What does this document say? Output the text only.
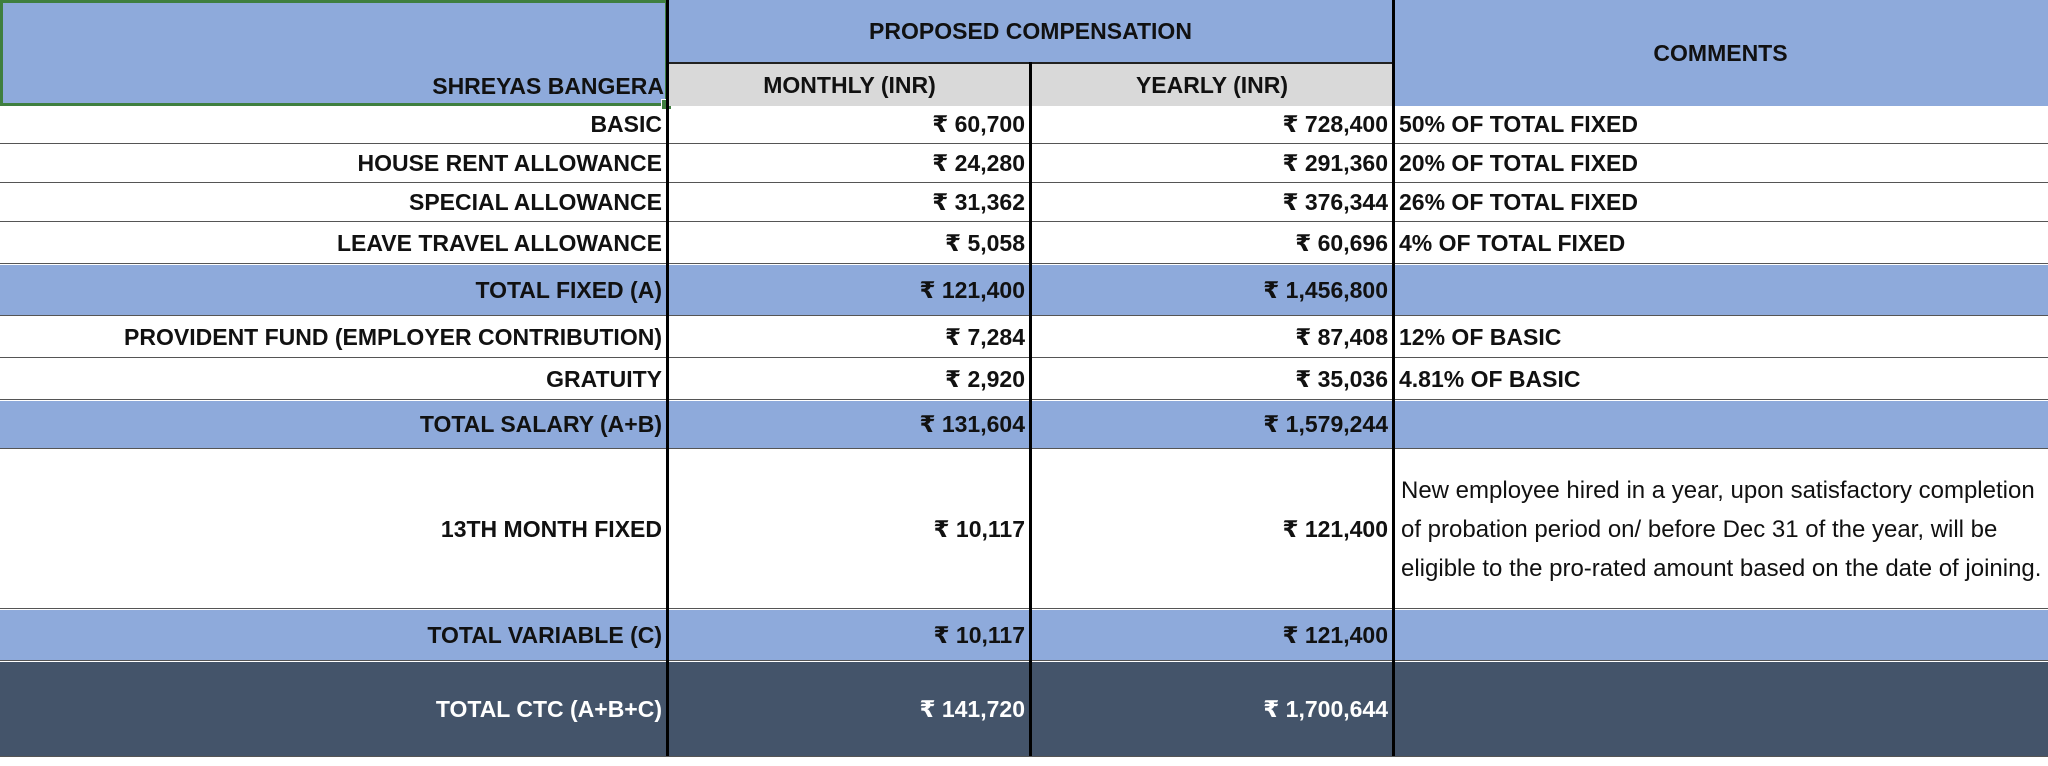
SHREYAS BANGERA
PROPOSED COMPENSATION
MONTHLY (INR)	YEARLY (INR)
COMMENTS
BASIC	₹ 60,700	₹ 728,400 50% OF TOTAL FIXED
HOUSE RENT ALLOWANCE	₹ 24,280	₹ 291,360 20% OF TOTAL FIXED
SPECIAL ALLOWANCE	₹ 31,362	₹ 376,344 26% OF TOTAL FIXED
LEAVE TRAVEL ALLOWANCE	₹ 5,058	₹ 60,696 4% OF TOTAL FIXED
TOTAL FIXED (A)	₹ 121,400	₹ 1,456,800
PROVIDENT FUND (EMPLOYER CONTRIBUTION)	₹ 7,284	₹ 87,408 12% OF BASIC
GRATUITY	₹ 2,920	₹ 35,036 4.81% OF BASIC
TOTAL SALARY (A+B)	₹ 131,604	₹ 1,579,244
13TH MONTH FIXED	₹ 10,117	₹ 121,400
New employee hired in a year, upon satisfactory completion of probation period on/ before Dec 31 of the year, will be eligible to the pro-rated amount based on the date of joining.
TOTAL VARIABLE (C)	₹ 10,117	₹ 121,400
TOTAL CTC (A+B+C)	₹ 141,720	₹ 1,700,644
